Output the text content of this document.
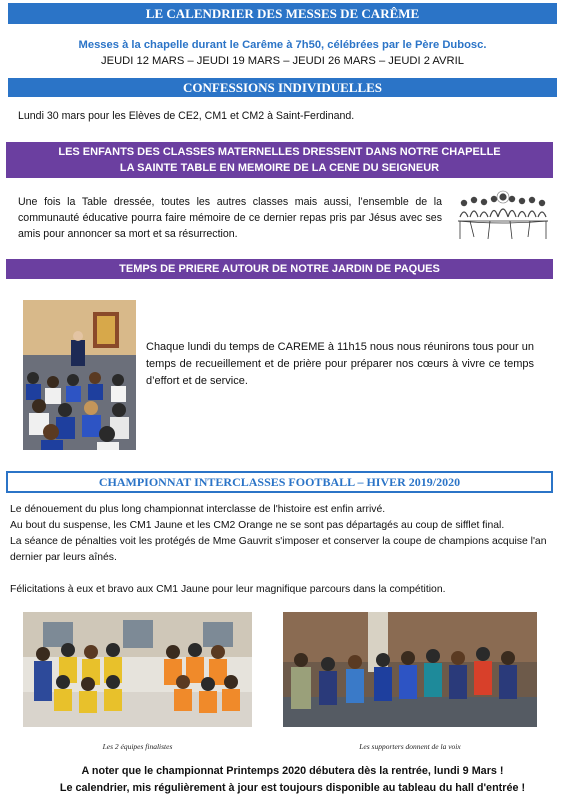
LE CALENDRIER DES MESSES DE CARÊME
Messes à la chapelle durant le Carême à 7h50, célébrées par le Père Dubosc.
JEUDI 12 MARS – JEUDI 19 MARS – JEUDI 26 MARS – JEUDI 2 AVRIL
CONFESSIONS INDIVIDUELLES
Lundi 30 mars pour les Elèves de CE2, CM1 et CM2 à Saint-Ferdinand.
LES ENFANTS DES CLASSES MATERNELLES DRESSENT DANS NOTRE CHAPELLE
LA SAINTE TABLE EN MEMOIRE DE LA CENE DU SEIGNEUR
Une fois la Table dressée, toutes les autres classes mais aussi, l’ensemble de la communauté éducative pourra faire mémoire de ce dernier repas pris par Jésus avec ses amis pour annoncer sa mort et sa résurrection.
TEMPS DE PRIERE AUTOUR DE NOTRE JARDIN DE PAQUES
Chaque lundi du temps de CAREME à 11h15 nous nous réunirons tous pour un temps de recueillement et de prière pour préparer nos cœurs à vivre ce temps d’effort et de service.
CHAMPIONNAT INTERCLASSES FOOTBALL – HIVER 2019/2020
Le dénouement du plus long championnat interclasse de l'histoire est enfin arrivé.
Au bout du suspense, les CM1 Jaune et les CM2 Orange ne se sont pas départagés au coup de sifflet final.
La séance de pénalties voit les protégés de Mme Gauvrit s'imposer et conserver la coupe de champions acquise l'an dernier par leurs aînés.
Félicitations à eux et bravo aux CM1 Jaune pour leur magnifique parcours dans la compétition.
Les 2 équipes finalistes	Les supporters donnent de la voix
A noter que le championnat Printemps 2020 débutera dès la rentrée, lundi 9 Mars !
Le calendrier, mis régulièrement à jour est toujours disponible au tableau du hall d'entrée !
